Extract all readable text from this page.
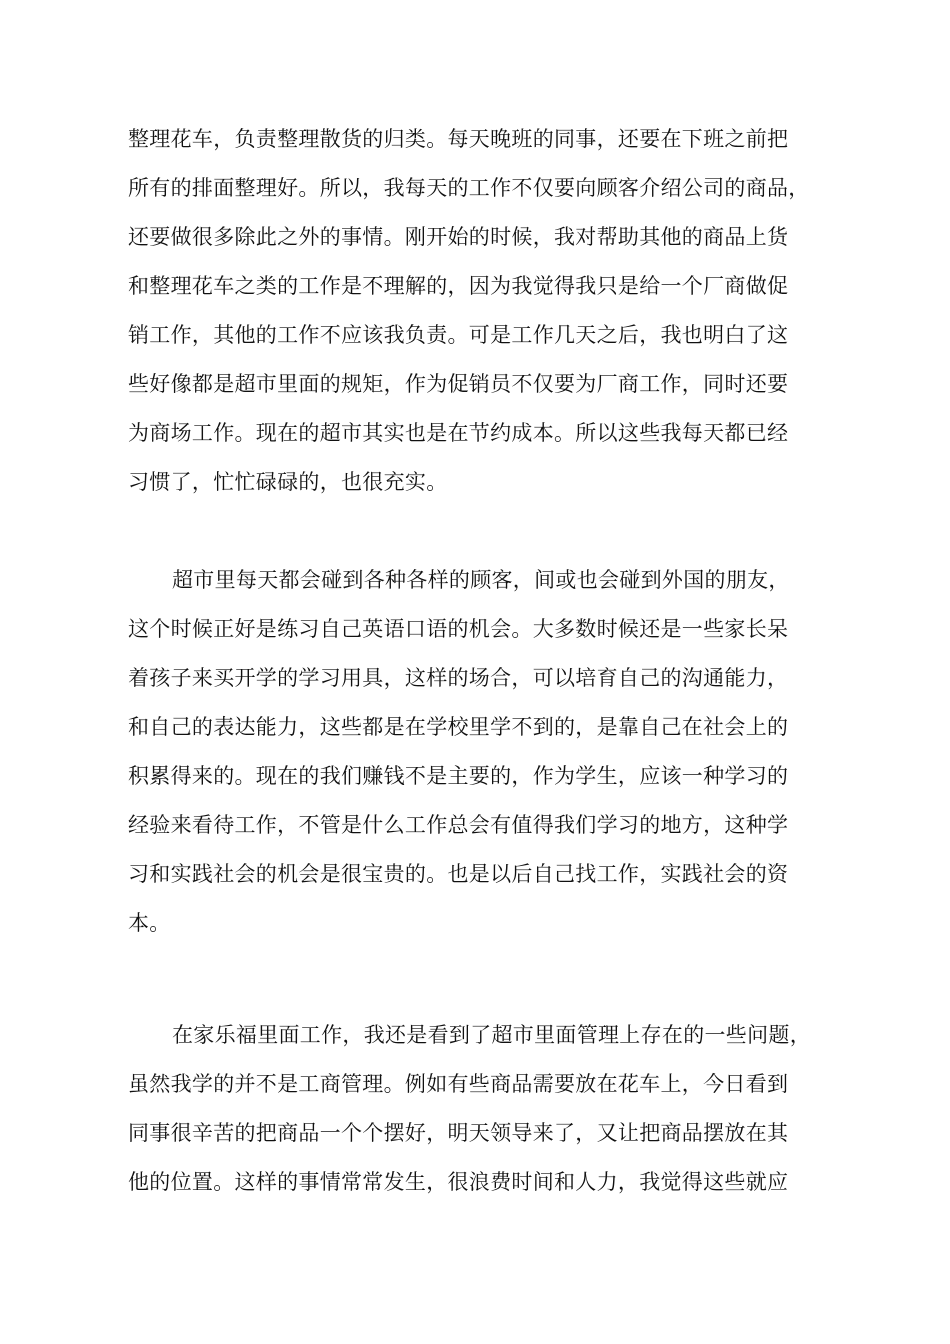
整理花车，负责整理散货的归类。每天晚班的同事，还要在下班之前把
所有的排面整理好。所以，我每天的工作不仅要向顾客介绍公司的商品，
还要做很多除此之外的事情。刚开始的时候，我对帮助其他的商品上货
和整理花车之类的工作是不理解的，因为我觉得我只是给一个厂商做促
销工作，其他的工作不应该我负责。可是工作几天之后，我也明白了这
些好像都是超市里面的规矩，作为促销员不仅要为厂商工作，同时还要
为商场工作。现在的超市其实也是在节约成本。所以这些我每天都已经
习惯了，忙忙碌碌的，也很充实。
超市里每天都会碰到各种各样的顾客，间或也会碰到外国的朋友，
这个时候正好是练习自己英语口语的机会。大多数时候还是一些家长呆
着孩子来买开学的学习用具，这样的场合，可以培育自己的沟通能力，
和自己的表达能力，这些都是在学校里学不到的，是靠自己在社会上的
积累得来的。现在的我们赚钱不是主要的，作为学生，应该一种学习的
经验来看待工作，不管是什么工作总会有值得我们学习的地方，这种学
习和实践社会的机会是很宝贵的。也是以后自己找工作，实践社会的资
本。
在家乐福里面工作，我还是看到了超市里面管理上存在的一些问题，
虽然我学的并不是工商管理。例如有些商品需要放在花车上，今日看到
同事很辛苦的把商品一个个摆好，明天领导来了，又让把商品摆放在其
他的位置。这样的事情常常发生，很浪费时间和人力，我觉得这些就应
